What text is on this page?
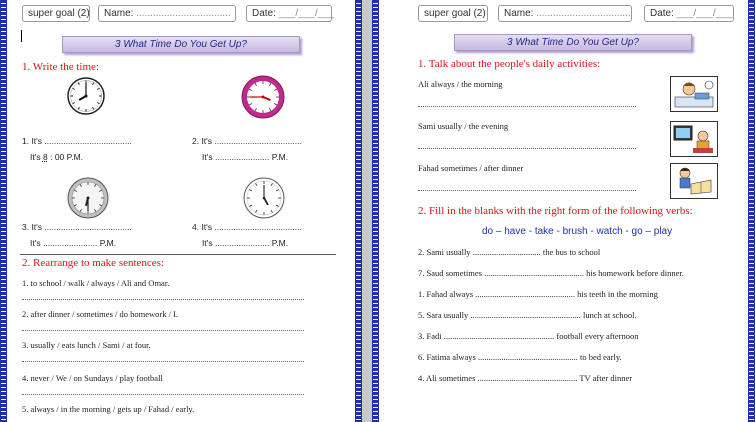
super goal (2)	Name: ..................................	Date: ___/___/___
3 What Time Do You Get Up?
1. Write the time:
1. It's .....................................
It's 8 : 00 P.M.
2. It's .....................................
It's ....................... P.M.
3. It's .....................................
It's ....................... P.M.
4. It's .....................................
It's ....................... P.M.
2. Rearrange to make sentences:
1. to school / walk / always / Ali and Omar.
2. after dinner / sometimes / do homework / I.
3. usually / eats lunch / Sami / at four.
4. never / We / on Sundays / play football
5. always / in the morning / gets up / Fahad / early.
super goal (2)	Name: ..................................	Date: ___/___/___
3 What Time Do You Get Up?
1. Talk about the people's daily activities:
Ali always / the morning
Sami usually / the evening
Fahad sometimes / after dinner
2. Fill in the blanks with the right form of the following verbs:
do – have - take - brush - watch - go – play
2. Sami usually ................................ the bus to school
7. Saud sometimes ............................................... his homework before dinner.
1. Fahad always ............................................... his teeth in the morning
5. Sara usually .................................................... lunch at school.
3. Fadi .................................................... football every afternoon
6. Fatima always ............................................... to bed early.
4. Ali sometimes ............................................... TV after dinner
